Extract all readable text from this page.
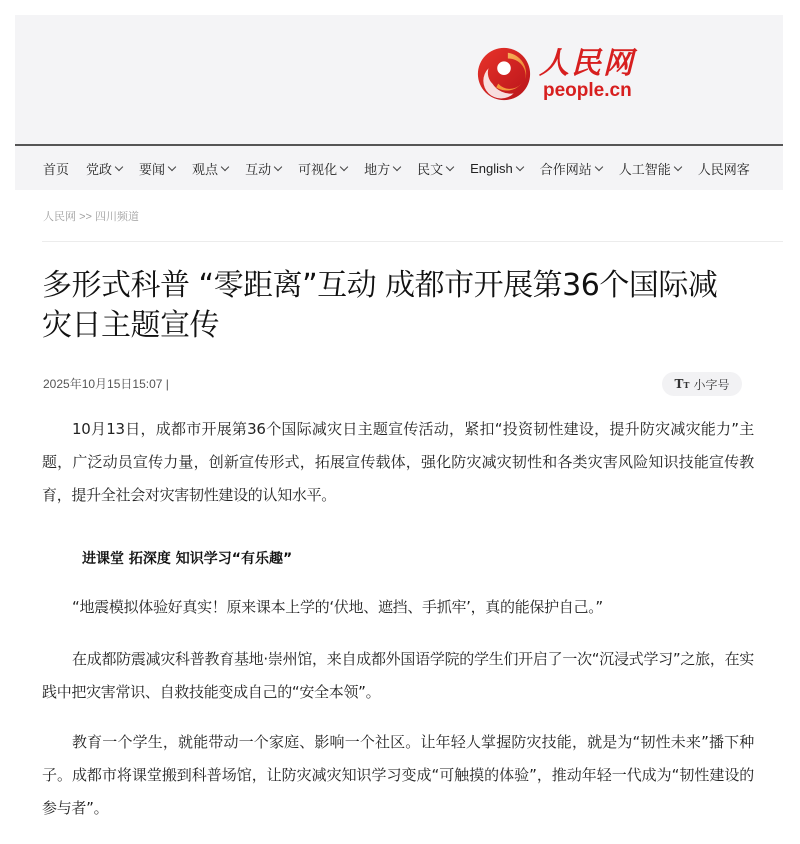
人民网
people.cn
首页 党政 要闻 观点 互动 可视化 地方 民文 English 合作网站 人工智能 人民网客
人民网 >> 四川频道
多形式科普 “零距离”互动 成都市开展第36个国际减灾日主题宣传
2025年10月15日15:07 |	TT 小字号

10月13日，成都市开展第36个国际减灾日主题宣传活动，紧扣“投资韧性建设，提升防灾减灾能力”主题，广泛动员宣传力量，创新宣传形式，拓展宣传载体，强化防灾减灾韧性和各类灾害风险知识技能宣传教育，提升全社会对灾害韧性建设的认知水平。

进课堂 拓深度 知识学习“有乐趣”

“地震模拟体验好真实！原来课本上学的‘伏地、遮挡、手抓牢’，真的能保护自己。”

在成都防震减灾科普教育基地·崇州馆，来自成都外国语学院的学生们开启了一次“沉浸式学习”之旅，在实践中把灾害常识、自救技能变成自己的“安全本领”。

教育一个学生，就能带动一个家庭、影响一个社区。让年轻人掌握防灾技能，就是为“韧性未来”播下种子。成都市将课堂搬到科普场馆，让防灾减灾知识学习变成“可触摸的体验”，推动年轻一代成为“韧性建设的参与者”。
